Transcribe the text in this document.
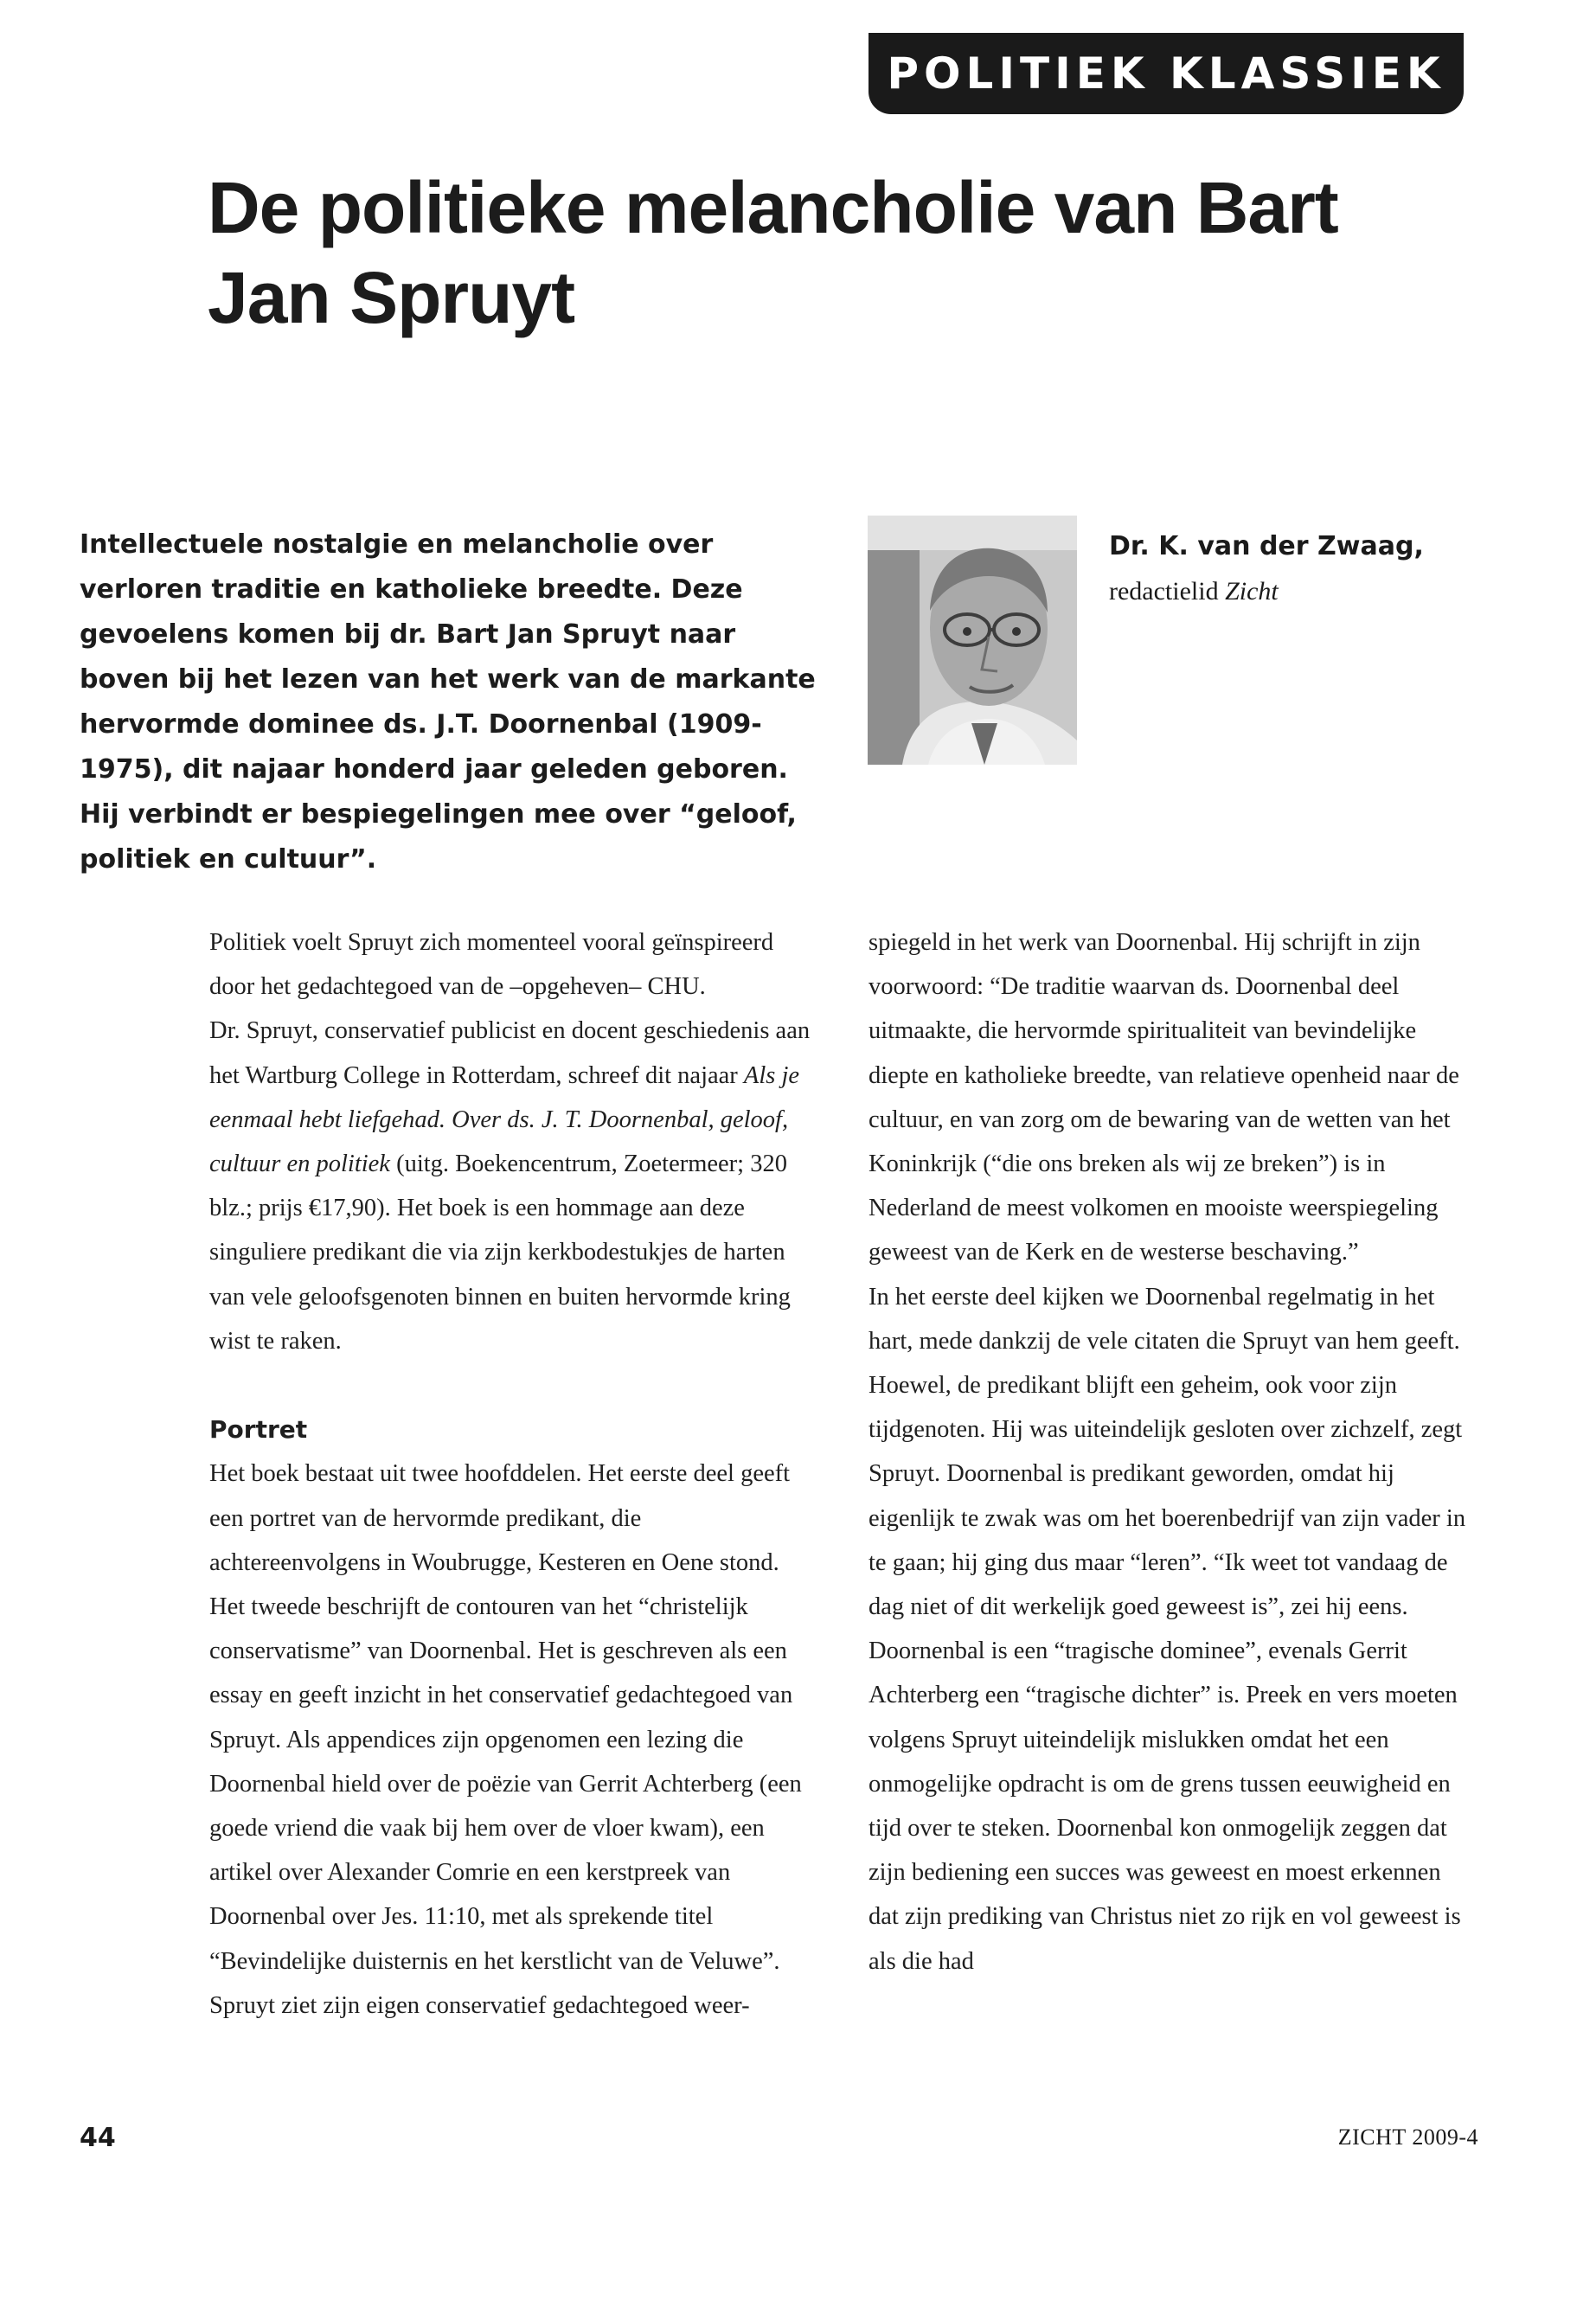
POLITIEK KLASSIEK
De politieke melancholie van Bart Jan Spruyt

Intellectuele nostalgie en melancholie over verloren traditie en katholieke breedte. Deze gevoelens komen bij dr. Bart Jan Spruyt naar boven bij het lezen van het werk van de markante hervormde dominee ds. J.T. Doornenbal (1909-1975), dit najaar honderd jaar geleden geboren. Hij verbindt er bespiegelingen mee over “geloof, politiek en cultuur”.

Dr. K. van der Zwaag,
redactielid Zicht

Politiek voelt Spruyt zich momenteel vooral geïnspireerd door het gedachtegoed van de –opgeheven– CHU.

Dr. Spruyt, conservatief publicist en docent geschiedenis aan het Wartburg College in Rotterdam, schreef dit najaar Als je eenmaal hebt liefgehad. Over ds. J. T. Doornenbal, geloof, cultuur en politiek (uitg. Boekencentrum, Zoetermeer; 320 blz.; prijs €17,90). Het boek is een hommage aan deze singuliere predikant die via zijn kerkbodestukjes de harten van vele geloofsgenoten binnen en buiten hervormde kring wist te raken.

Portret

Het boek bestaat uit twee hoofddelen. Het eerste deel geeft een portret van de hervormde predikant, die achtereenvolgens in Woubrugge, Kesteren en Oene stond. Het tweede beschrijft de contouren van het “christelijk conservatisme” van Doornenbal. Het is geschreven als een essay en geeft inzicht in het conservatief gedachtegoed van Spruyt. Als appendices zijn opgenomen een lezing die Doornenbal hield over de poëzie van Gerrit Achterberg (een goede vriend die vaak bij hem over de vloer kwam), een artikel over Alexander Comrie en een kerstpreek van Doornenbal over Jes. 11:10, met als sprekende titel “Bevindelijke duisternis en het kerstlicht van de Veluwe”.

Spruyt ziet zijn eigen conservatief gedachtegoed weer-

spiegeld in het werk van Doornenbal. Hij schrijft in zijn voorwoord: “De traditie waarvan ds. Doornenbal deel uitmaakte, die hervormde spiritualiteit van bevindelijke diepte en katholieke breedte, van relatieve openheid naar de cultuur, en van zorg om de bewaring van de wetten van het Koninkrijk (“die ons breken als wij ze breken”) is in Nederland de meest volkomen en mooiste weerspiegeling geweest van de Kerk en de westerse beschaving.”

In het eerste deel kijken we Doornenbal regelmatig in het hart, mede dankzij de vele citaten die Spruyt van hem geeft. Hoewel, de predikant blijft een geheim, ook voor zijn tijdgenoten. Hij was uiteindelijk gesloten over zichzelf, zegt Spruyt. Doornenbal is predikant geworden, omdat hij eigenlijk te zwak was om het boerenbedrijf van zijn vader in te gaan; hij ging dus maar “leren”. “Ik weet tot vandaag de dag niet of dit werkelijk goed geweest is”, zei hij eens.

Doornenbal is een “tragische dominee”, evenals Gerrit Achterberg een “tragische dichter” is. Preek en vers moeten volgens Spruyt uiteindelijk mislukken omdat het een onmogelijke opdracht is om de grens tussen eeuwigheid en tijd over te steken. Doornenbal kon onmogelijk zeggen dat zijn bediening een succes was geweest en moest erkennen dat zijn prediking van Christus niet zo rijk en vol geweest is als die had

44	ZICHT 2009-4
